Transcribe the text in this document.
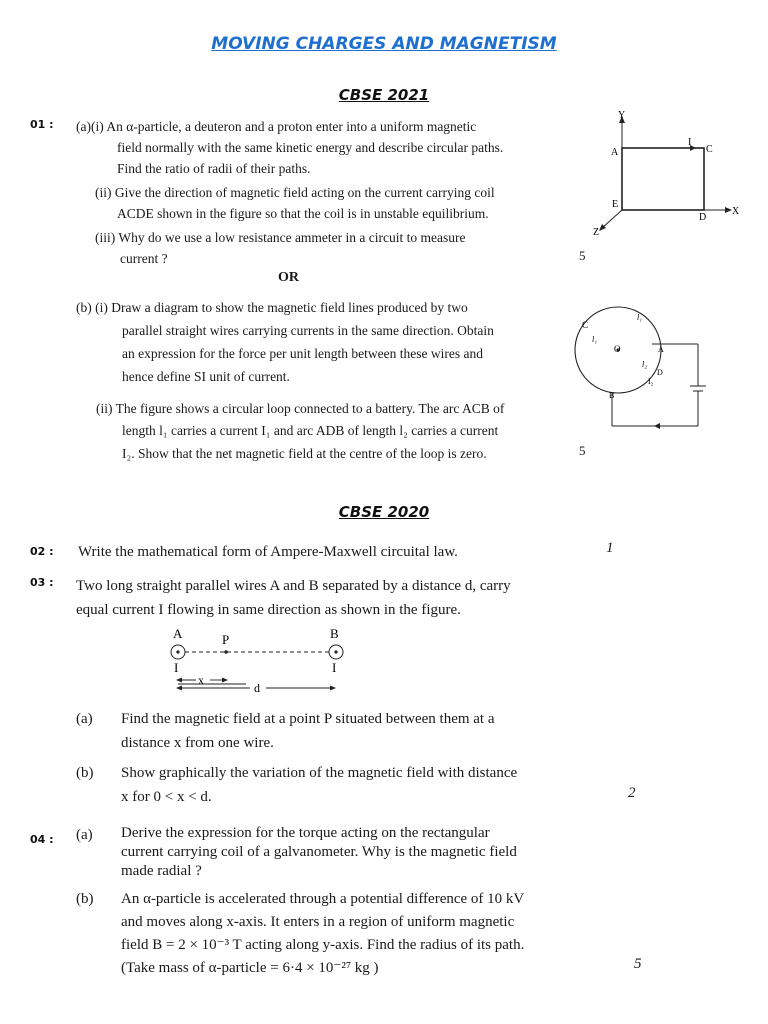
MOVING CHARGES AND MAGNETISM
CBSE 2021
01 : (a)(i) An α-particle, a deuteron and a proton enter into a uniform magnetic
field normally with the same kinetic energy and describe circular paths.
Find the ratio of radii of their paths.
(ii) Give the direction of magnetic field acting on the current carrying coil
ACDE shown in the figure so that the coil is in unstable equilibrium.
(iii) Why do we use a low resistance ammeter in a circuit to measure
current ?	5
Y
X
Z
A	C
E
D
I
OR
(b) (i) Draw a diagram to show the magnetic field lines produced by two
parallel straight wires carrying currents in the same direction. Obtain
an expression for the force per unit length between these wires and
hence define SI unit of current.
(ii) The figure shows a circular loop connected to a battery. The arc ACB of
length l₁ carries a current I₁ and arc ADB of length l₂ carries a current
I₂. Show that the net magnetic field at the centre of the loop is zero.	5
C
l₁
l₁
O	A
l₂
D
I₂
B
CBSE 2020
02 : Write the mathematical form of Ampere-Maxwell circuital law.	1
03 : Two long straight parallel wires A and B separated by a distance d, carry
equal current I flowing in same direction as shown in the figure.
A	P	B
I	I
x
d
(a) Find the magnetic field at a point P situated between them at a
distance x from one wire.
(b) Show graphically the variation of the magnetic field with distance
x for 0 < x < d.	2
04 : (a) Derive the expression for the torque acting on the rectangular
current carrying coil of a galvanometer. Why is the magnetic field
made radial ?
(b) An α-particle is accelerated through a potential difference of 10 kV
and moves along x-axis. It enters in a region of uniform magnetic
field B = 2 × 10⁻³ T acting along y-axis. Find the radius of its path.
(Take mass of α-particle = 6·4 × 10⁻²⁷ kg )	5
